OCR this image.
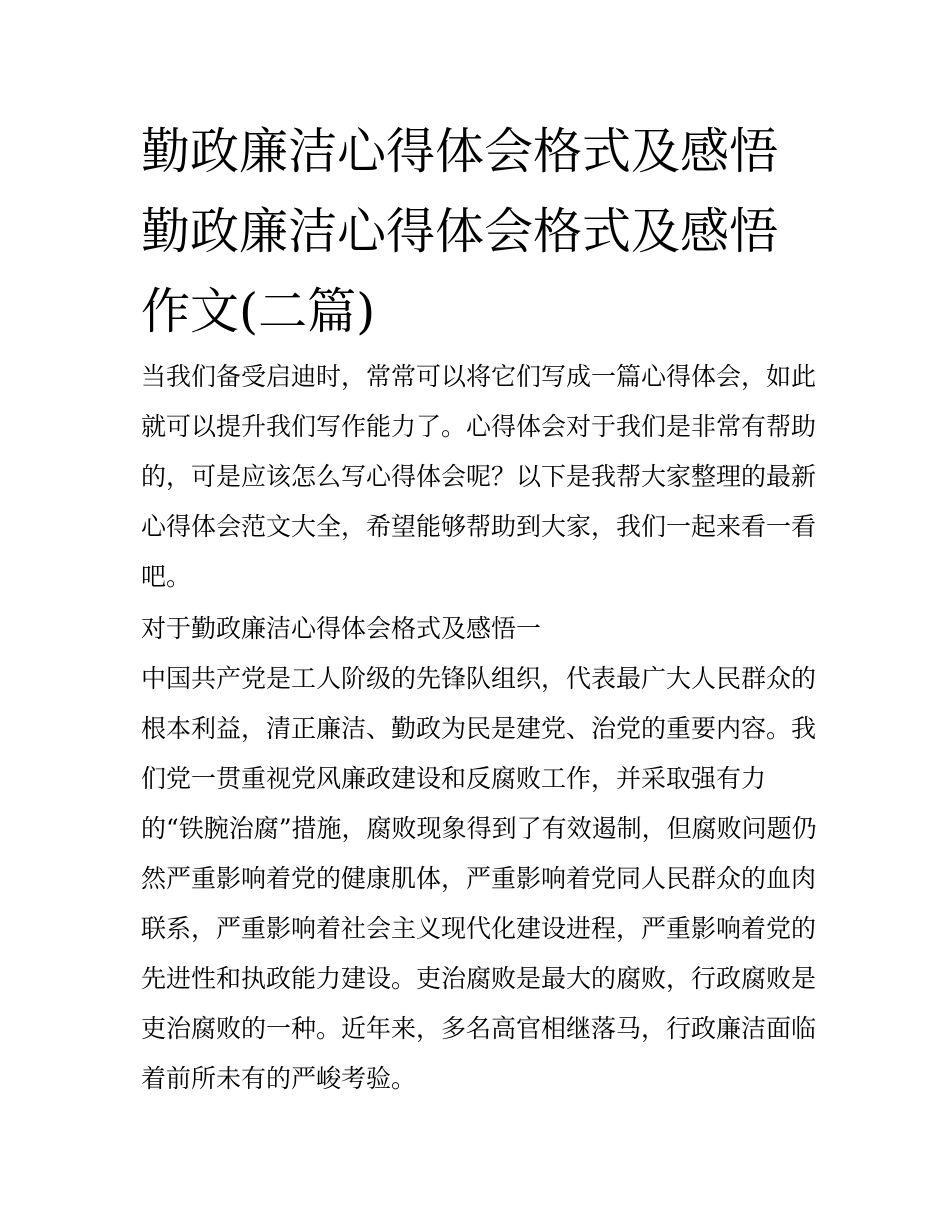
勤政廉洁心得体会格式及感悟
勤政廉洁心得体会格式及感悟
作文(二篇)

当我们备受启迪时，常常可以将它们写成一篇心得体会，如此
就可以提升我们写作能力了。心得体会对于我们是非常有帮助
的，可是应该怎么写心得体会呢？以下是我帮大家整理的最新
心得体会范文大全，希望能够帮助到大家，我们一起来看一看
吧。

对于勤政廉洁心得体会格式及感悟一

中国共产党是工人阶级的先锋队组织，代表最广大人民群众的
根本利益，清正廉洁、勤政为民是建党、治党的重要内容。我
们党一贯重视党风廉政建设和反腐败工作，并采取强有力
的“铁腕治腐”措施，腐败现象得到了有效遏制，但腐败问题仍
然严重影响着党的健康肌体，严重影响着党同人民群众的血肉
联系，严重影响着社会主义现代化建设进程，严重影响着党的
先进性和执政能力建设。吏治腐败是最大的腐败，行政腐败是
吏治腐败的一种。近年来，多名高官相继落马，行政廉洁面临
着前所未有的严峻考验。
